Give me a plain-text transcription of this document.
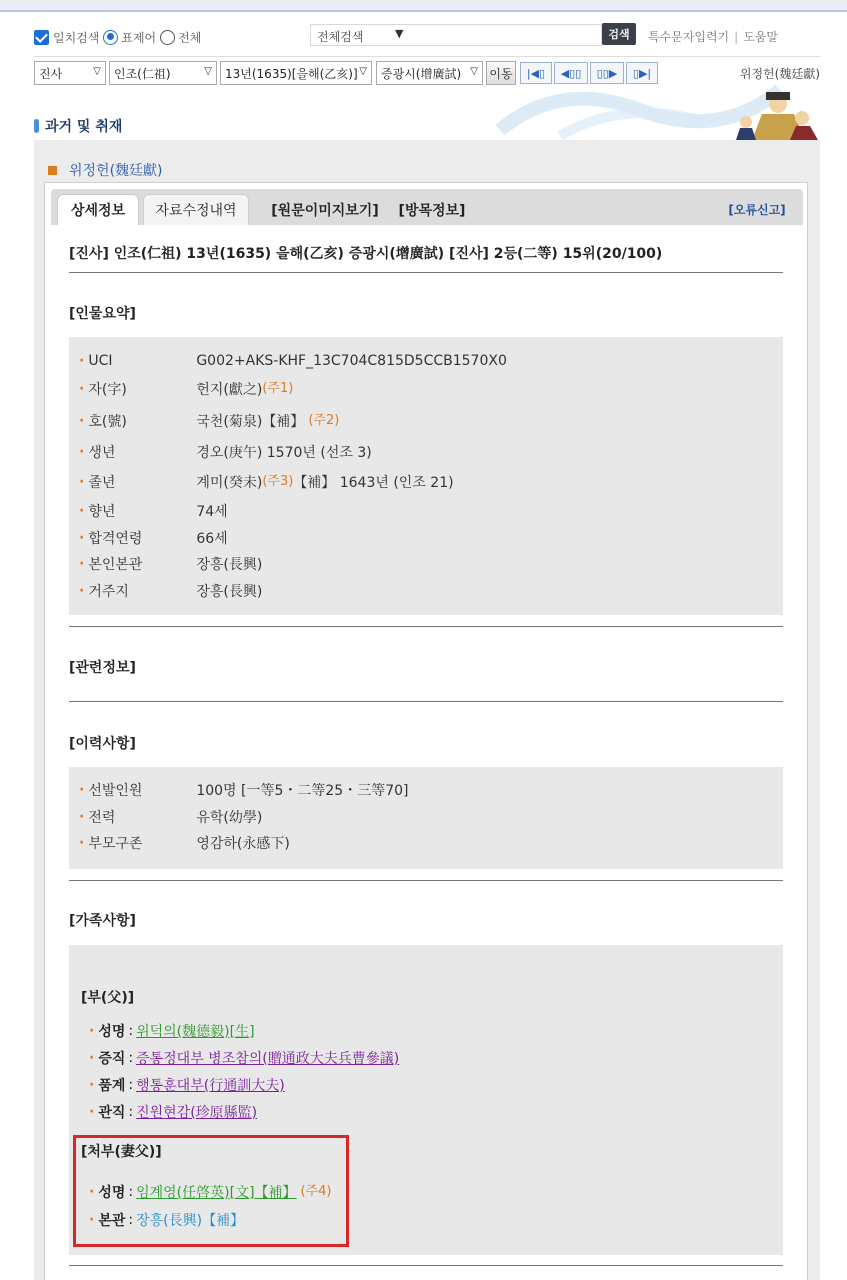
일치검색 표제어 전체	전체검색	▼	검색	특수문자입력기 | 도움말
진사	▽	인조(仁祖)	▽	13년(1635)[을해(乙亥)] ▽	증광시(增廣試) ▽ 이동	|◀▯	◀▯▯	▯▯▶	▯▶|	위정헌(魏廷獻)
과거 및 취재
위정헌(魏廷獻)
상세정보	자료수정내역	[원문이미지보기]	[방목정보]	[오류신고]
[진사] 인조(仁祖) 13년(1635) 을해(乙亥) 증광시(增廣試) [진사] 2등(二等) 15위(20/100)
[인물요약]
· UCI	G002+AKS-KHF_13C704C815D5CCB1570X0
· 자(字)	헌지(獻之) (주1)
· 호(號)	국천(菊泉)【補】 (주2)
· 생년	경오(庚午) 1570년 (선조 3)
· 졸년	계미(癸未) (주3) 【補】 1643년 (인조 21)
· 향년	74세
· 합격연령	66세
· 본인본관	장흥(長興)
· 거주지	장흥(長興)
[관련정보]
[이력사항]
· 선발인원	100명 [一等5・二等25・三等70]
· 전력	유학(幼學)
· 부모구존	영감하(永感下)
[가족사항]
[부(父)]
· 성명 : 위덕의(魏德毅)[生]
· 증직 : 증통정대부 병조참의(贈通政大夫兵曹參議)
· 품계 : 행통훈대부(行通訓大夫)
· 관직 : 진원현감(珍原縣監)
[처부(妻父)]
· 성명 : 임계영(任啓英)[文]【補】 (주4)
· 본관 : 장흥(長興)【補】
